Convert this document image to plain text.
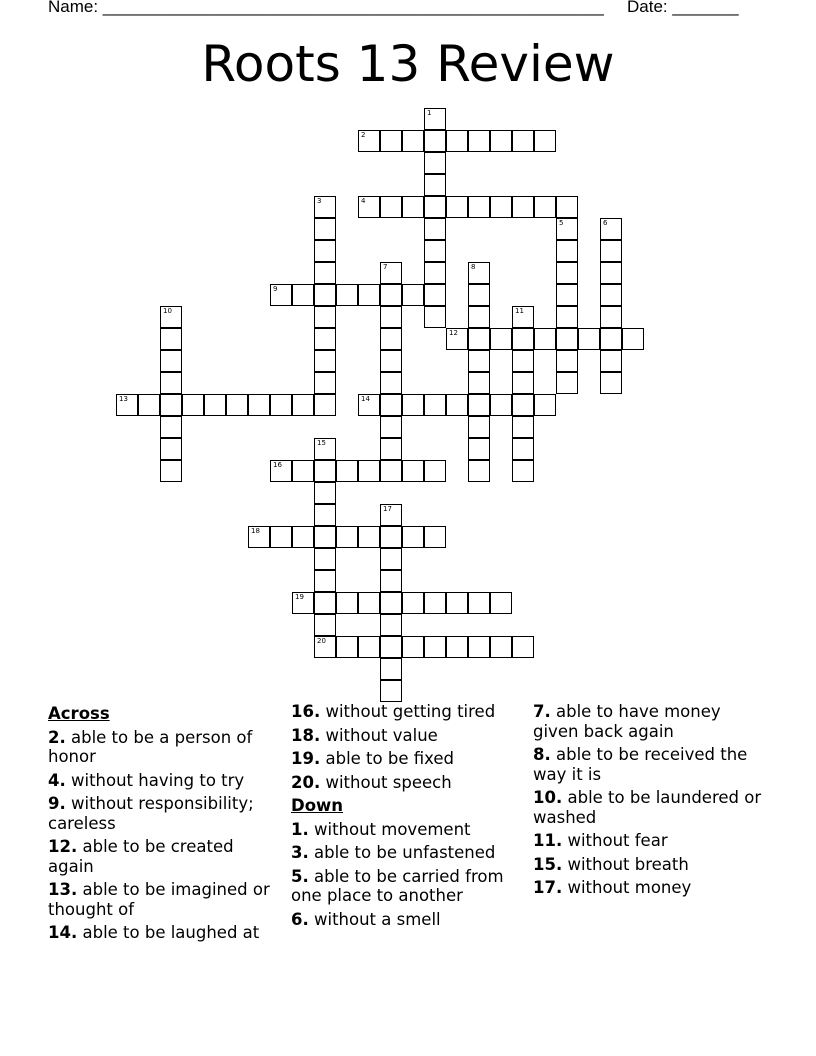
Name: _____________________________________________________ Date: _______
Roots 13 Review
1
2
3	4
5	6
7	8
9
10	11
12
13	14
15
20
16
17
18
19
Across
2. able to be a person of honor
4. without having to try
9. without responsibility; careless
12. able to be created again
13. able to be imagined or thought of
14. able to be laughed at
16. without getting tired
18. without value
19. able to be fixed
20. without speech
Down
1. without movement
3. able to be unfastened
5. able to be carried from one place to another
6. without a smell
7. able to have money given back again
8. able to be received the way it is
10. able to be laundered or washed
11. without fear
15. without breath
17. without money
